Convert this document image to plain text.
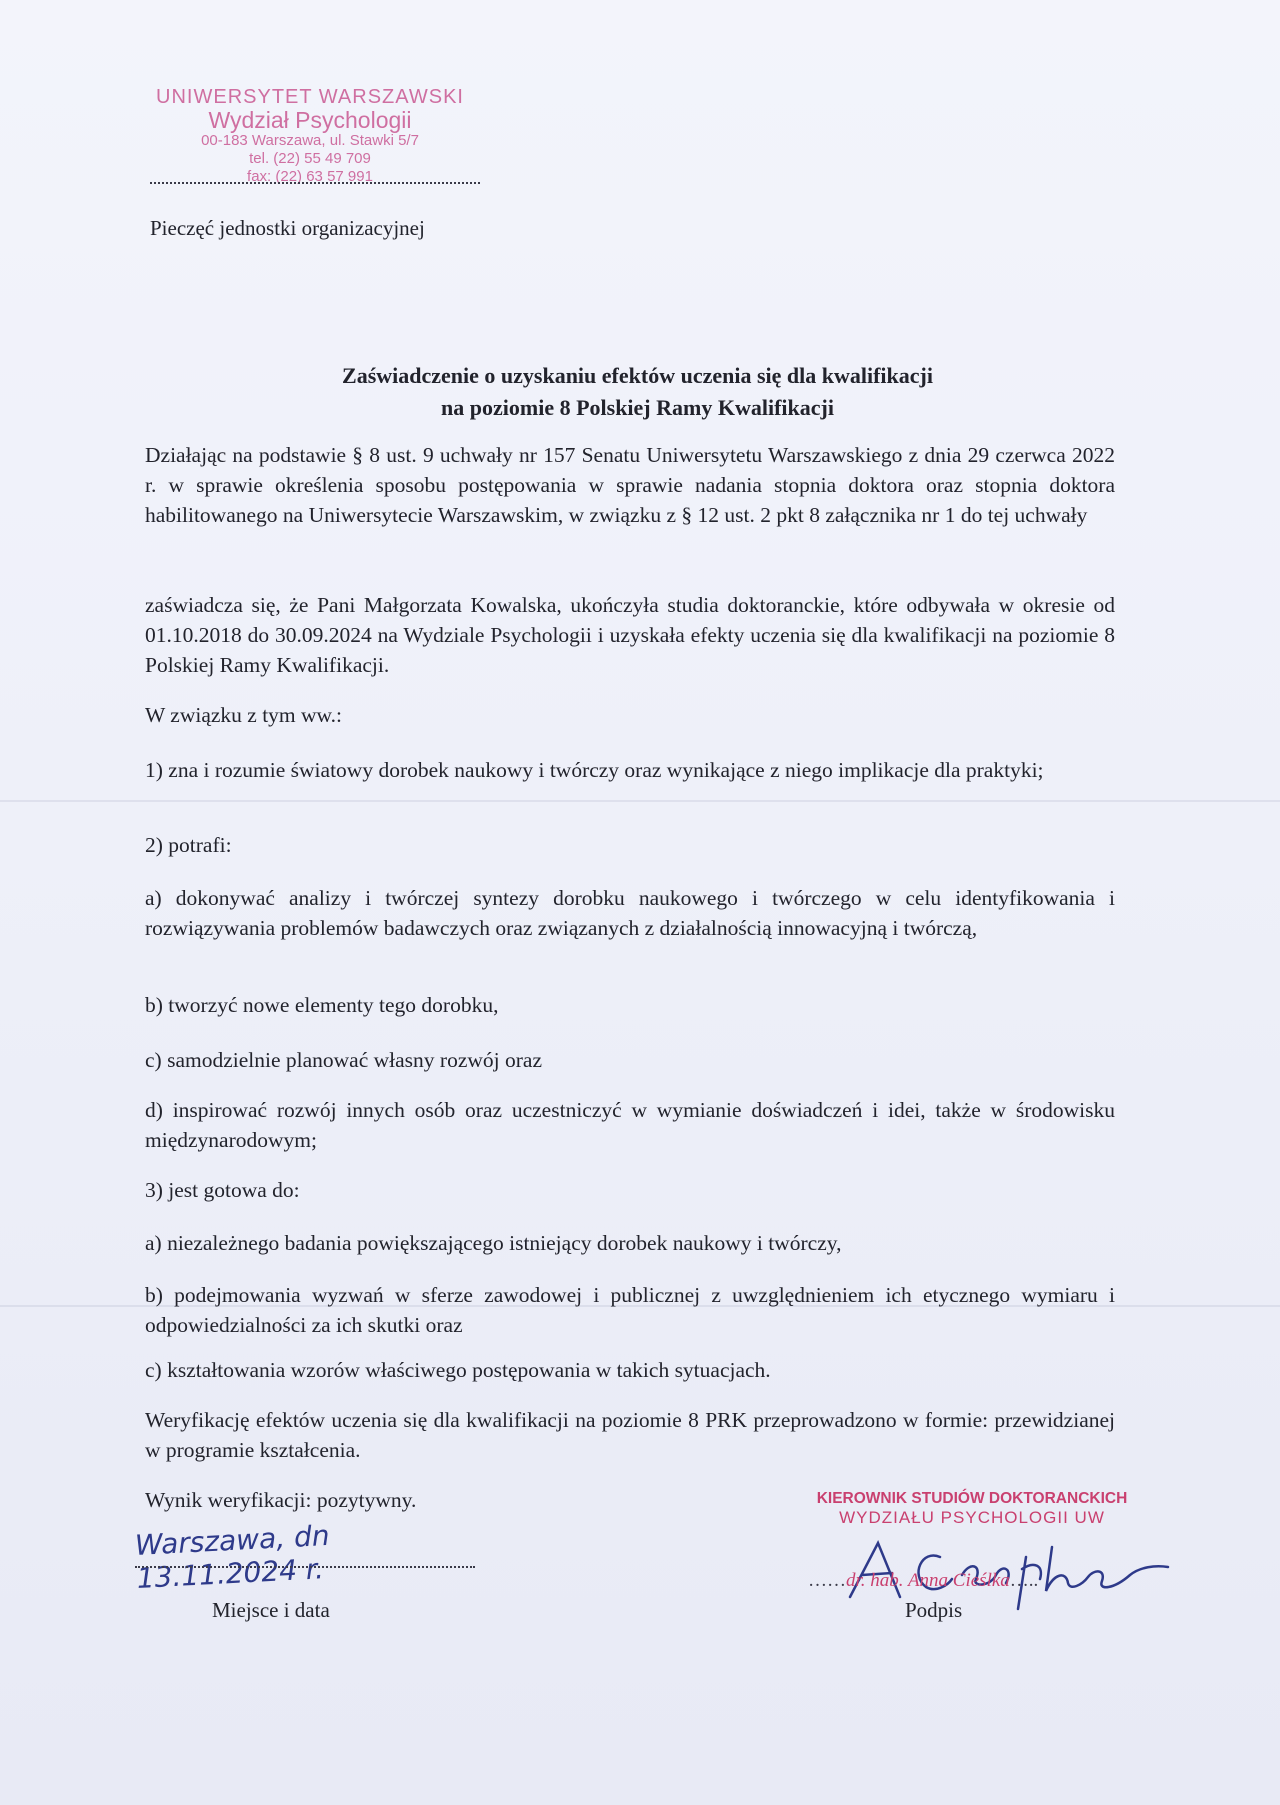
UNIWERSYTET WARSZAWSKI
Wydział Psychologii
00-183 Warszawa, ul. Stawki 5/7
tel. (22) 55 49 709
fax: (22) 63 57 991
Pieczęć jednostki organizacyjnej
Zaświadczenie o uzyskaniu efektów uczenia się dla kwalifikacji
na poziomie 8 Polskiej Ramy Kwalifikacji
Działając na podstawie § 8 ust. 9 uchwały nr 157 Senatu Uniwersytetu Warszawskiego z dnia 29 czerwca 2022 r. w sprawie określenia sposobu postępowania w sprawie nadania stopnia doktora oraz stopnia doktora habilitowanego na Uniwersytecie Warszawskim, w związku z § 12 ust. 2 pkt 8 załącznika nr 1 do tej uchwały
zaświadcza się, że Pani Małgorzata Kowalska, ukończyła studia doktoranckie, które odbywała w okresie od 01.10.2018 do 30.09.2024 na Wydziale Psychologii i uzyskała efekty uczenia się dla kwalifikacji na poziomie 8 Polskiej Ramy Kwalifikacji.
W związku z tym ww.:
1) zna i rozumie światowy dorobek naukowy i twórczy oraz wynikające z niego implikacje dla praktyki;
2) potrafi:
a) dokonywać analizy i twórczej syntezy dorobku naukowego i twórczego w celu identyfikowania i rozwiązywania problemów badawczych oraz związanych z działalnością innowacyjną i twórczą,
b) tworzyć nowe elementy tego dorobku,
c) samodzielnie planować własny rozwój oraz
d) inspirować rozwój innych osób oraz uczestniczyć w wymianie doświadczeń i idei, także w środowisku międzynarodowym;
3) jest gotowa do:
a) niezależnego badania powiększającego istniejący dorobek naukowy i twórczy,
b) podejmowania wyzwań w sferze zawodowej i publicznej z uwzględnieniem ich etycznego wymiaru i odpowiedzialności za ich skutki oraz
c) kształtowania wzorów właściwego postępowania w takich sytuacjach.
Weryfikację efektów uczenia się dla kwalifikacji na poziomie 8 PRK przeprowadzono w formie: przewidzianej w programie kształcenia.
Wynik weryfikacji: pozytywny.
Warszawa, dn 13.11.2024 r.
Miejsce i data
KIEROWNIK STUDIÓW DOKTORANCKICH
WYDZIAŁU PSYCHOLOGII UW
……dr. hab. Anna Cieślka…..
Podpis
